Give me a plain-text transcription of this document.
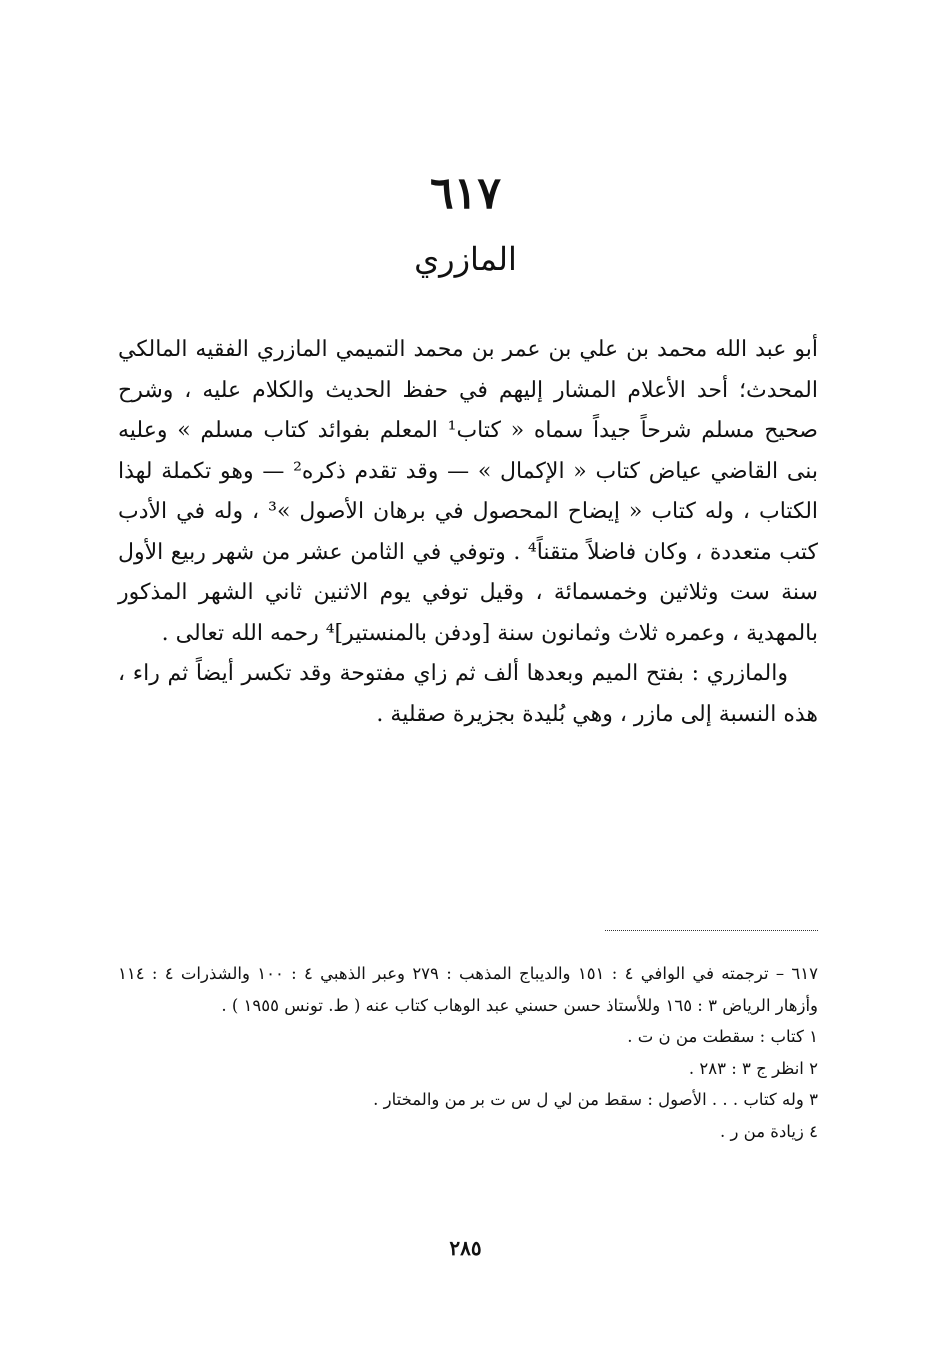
٦١٧
المازري

أبو عبد الله محمد بن علي بن عمر بن محمد التميمي المازري الفقيه المالكي المحدث؛ أحد الأعلام المشار إليهم في حفظ الحديث والكلام عليه ، وشرح صحيح مسلم شرحاً جيداً سماه « كتاب¹ المعلم بفوائد كتاب مسلم » وعليه بنى القاضي عياض كتاب « الإكمال » — وقد تقدم ذكره² — وهو تكملة لهذا الكتاب ، وله كتاب « إيضاح المحصول في برهان الأصول »³ ، وله في الأدب كتب متعددة ، وكان فاضلاً متقناً⁴ . وتوفي في الثامن عشر من شهر ربيع الأول سنة ست وثلاثين وخمسمائة ، وقيل توفي يوم الاثنين ثاني الشهر المذكور بالمهدية ، وعمره ثلاث وثمانون سنة [ودفن بالمنستير]⁴ رحمه الله تعالى .

والمازري : بفتح الميم وبعدها ألف ثم زاي مفتوحة وقد تكسر أيضاً ثم راء ، هذه النسبة إلى مازر ، وهي بُليدة بجزيرة صقلية .

٦١٧ – ترجمته في الوافي ٤ : ١٥١ والديباج المذهب : ٢٧٩ وعبر الذهبي ٤ : ١٠٠ والشذرات ٤ : ١١٤ وأزهار الرياض ٣ : ١٦٥ وللأستاذ حسن حسني عبد الوهاب كتاب عنه ( ط. تونس ١٩٥٥ ) .

١ كتاب : سقطت من ن ت .

٢ انظر ج ٣ : ٢٨٣ .

٣ وله كتاب . . . الأصول : سقط من لي ل س ت بر من والمختار .

٤ زيادة من ر .

٢٨٥
